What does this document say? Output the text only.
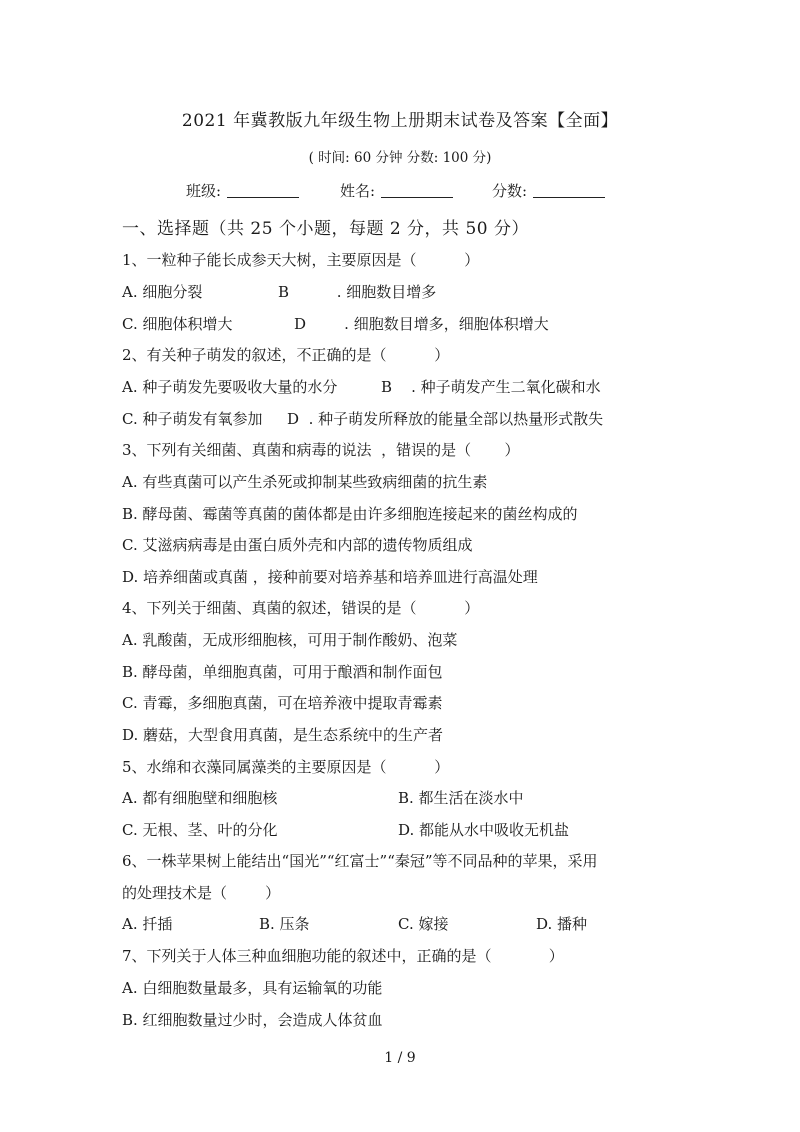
2021 年冀教版九年级生物上册期末试卷及答案【全面】
( 时间: 60 分钟 分数: 100 分)
班级:	姓名:	分数:
一、选择题（共 25 个小题，每题 2 分，共 50 分）
1、一粒种子能长成参天大树，主要原因是（          ）
A. 细胞分裂	B          . 细胞数目增多
C. 细胞体积增大	D        . 细胞数目增多，细胞体积增大
2、有关种子萌发的叙述，不正确的是（          ）
A. 种子萌发先要吸收大量的水分	B    . 种子萌发产生二氧化碳和水
C. 种子萌发有氧参加 D  . 种子萌发所释放的能量全部以热量形式散失
3、下列有关细菌、真菌和病毒的说法  ，错误的是（       ）
A. 有些真菌可以产生杀死或抑制某些致病细菌的抗生素
B. 酵母菌、霉菌等真菌的菌体都是由许多细胞连接起来的菌丝构成的
C. 艾滋病病毒是由蛋白质外壳和内部的遗传物质组成
D. 培养细菌或真菌 ，接种前要对培养基和培养皿进行高温处理
4、下列关于细菌、真菌的叙述，错误的是（          ）
A. 乳酸菌，无成形细胞核，可用于制作酸奶、泡菜
B. 酵母菌，单细胞真菌，可用于酿酒和制作面包
C. 青霉，多细胞真菌，可在培养液中提取青霉素
D. 蘑菇，大型食用真菌，是生态系统中的生产者
5、水绵和衣藻同属藻类的主要原因是（          ）
A. 都有细胞壁和细胞核	B. 都生活在淡水中
C. 无根、茎、叶的分化	D. 都能从水中吸收无机盐
6、一株苹果树上能结出“国光”“红富士”“秦冠”等不同品种的苹果，采用
的处理技术是（        ）
A. 扦插	B. 压条	C. 嫁接	D. 播种
7、下列关于人体三种血细胞功能的叙述中，正确的是（            ）
A. 白细胞数量最多，具有运输氧的功能
B. 红细胞数量过少时，会造成人体贫血
1 / 9
